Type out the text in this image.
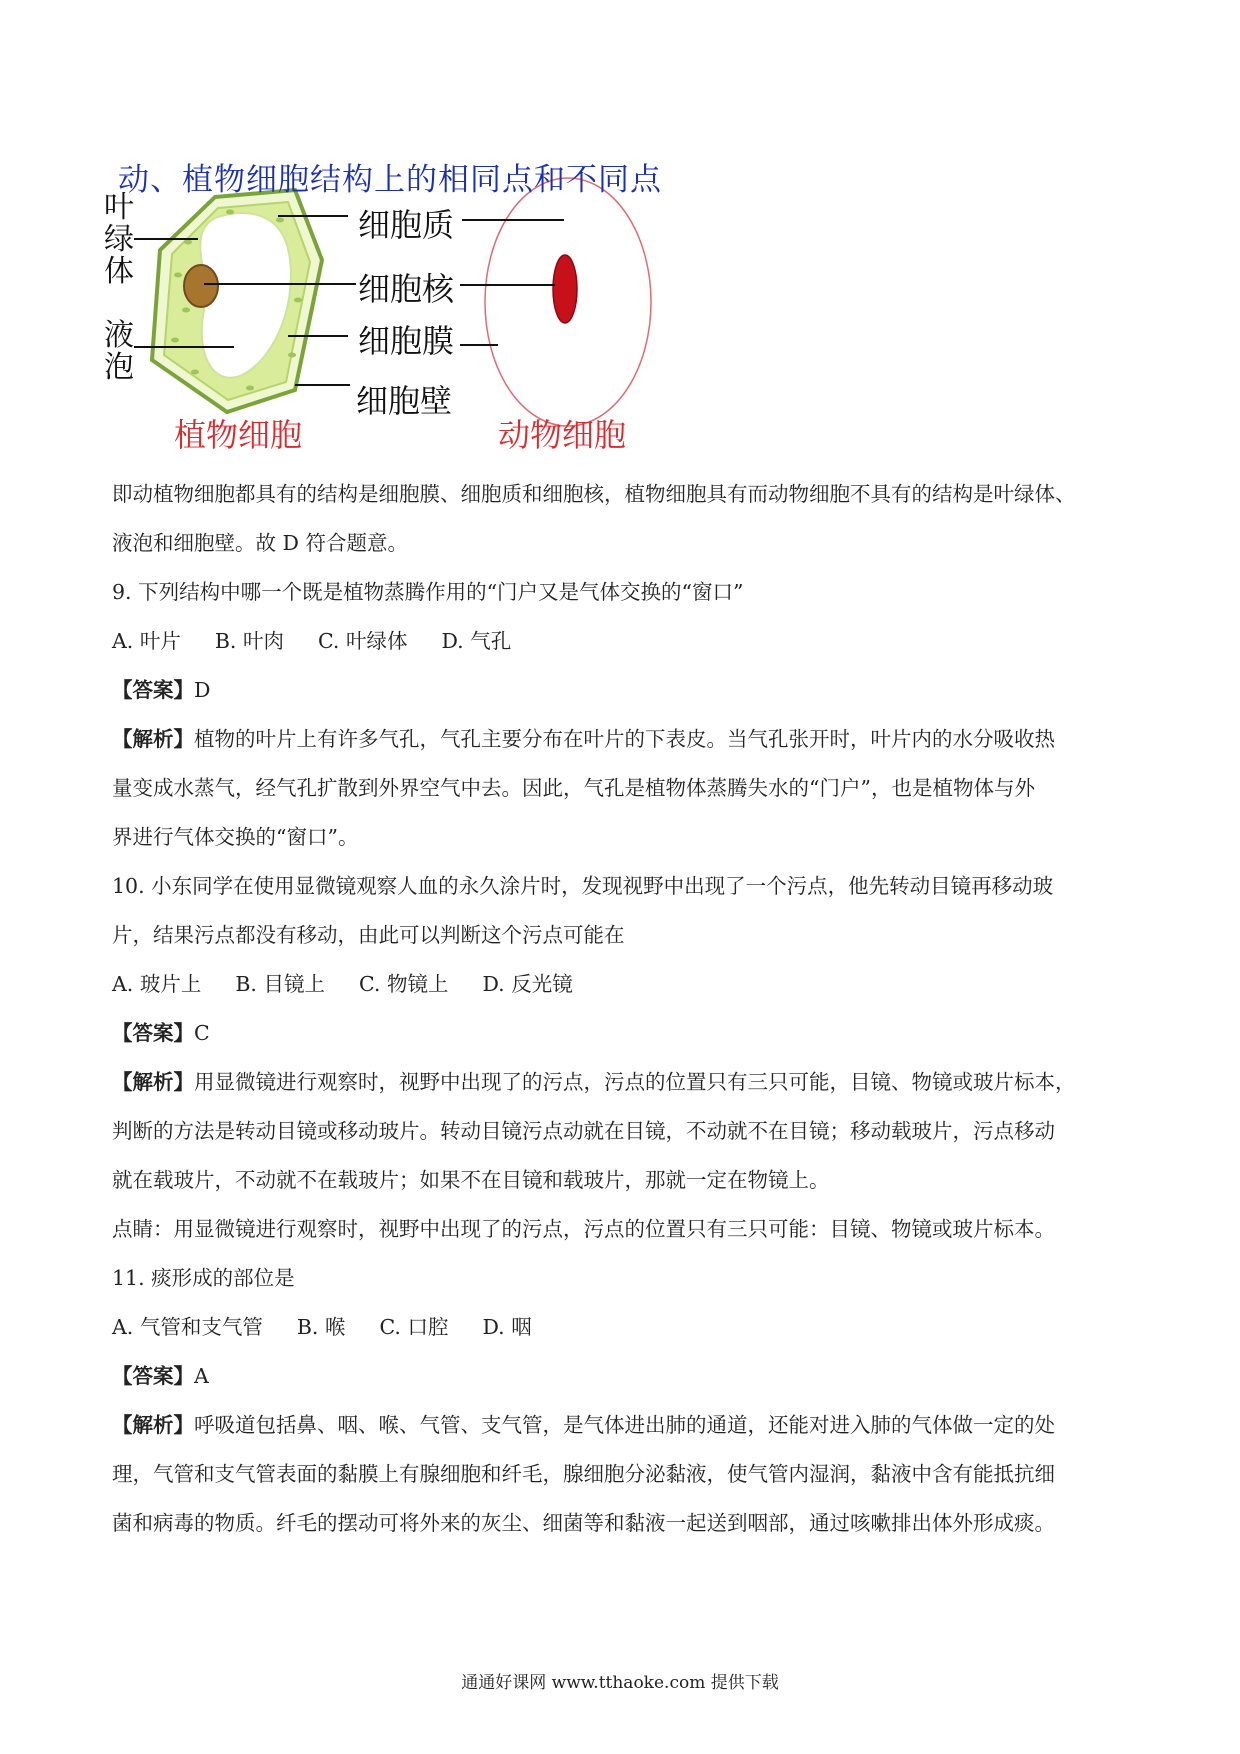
动、植物细胞结构上的相同点和不同点
叶绿体
液泡
细胞质
细胞核
细胞膜
细胞壁
植物细胞	动物细胞

即动植物细胞都具有的结构是细胞膜、细胞质和细胞核，植物细胞具有而动物细胞不具有的结构是叶绿体、

液泡和细胞壁。故 D 符合题意。

9. 下列结构中哪一个既是植物蒸腾作用的“门户又是气体交换的“窗口”

A. 叶片 B. 叶肉 C. 叶绿体 D. 气孔

【答案】D

【解析】植物的叶片上有许多气孔，气孔主要分布在叶片的下表皮。当气孔张开时，叶片内的水分吸收热

量变成水蒸气，经气孔扩散到外界空气中去。因此，气孔是植物体蒸腾失水的“门户”，也是植物体与外

界进行气体交换的“窗口”。

10. 小东同学在使用显微镜观察人血的永久涂片时，发现视野中出现了一个污点，他先转动目镜再移动玻

片，结果污点都没有移动，由此可以判断这个污点可能在

A. 玻片上 B. 目镜上 C. 物镜上 D. 反光镜

【答案】C

【解析】用显微镜进行观察时，视野中出现了的污点，污点的位置只有三只可能，目镜、物镜或玻片标本，

判断的方法是转动目镜或移动玻片。转动目镜污点动就在目镜，不动就不在目镜；移动载玻片，污点移动

就在载玻片，不动就不在载玻片；如果不在目镜和载玻片，那就一定在物镜上。

点睛：用显微镜进行观察时，视野中出现了的污点，污点的位置只有三只可能：目镜、物镜或玻片标本。

11. 痰形成的部位是

A. 气管和支气管 B. 喉 C. 口腔 D. 咽

【答案】A

【解析】呼吸道包括鼻、咽、喉、气管、支气管，是气体进出肺的通道，还能对进入肺的气体做一定的处

理，气管和支气管表面的黏膜上有腺细胞和纤毛，腺细胞分泌黏液，使气管内湿润，黏液中含有能抵抗细

菌和病毒的物质。纤毛的摆动可将外来的灰尘、细菌等和黏液一起送到咽部，通过咳嗽排出体外形成痰。

通通好课网 www.tthaoke.com 提供下载
